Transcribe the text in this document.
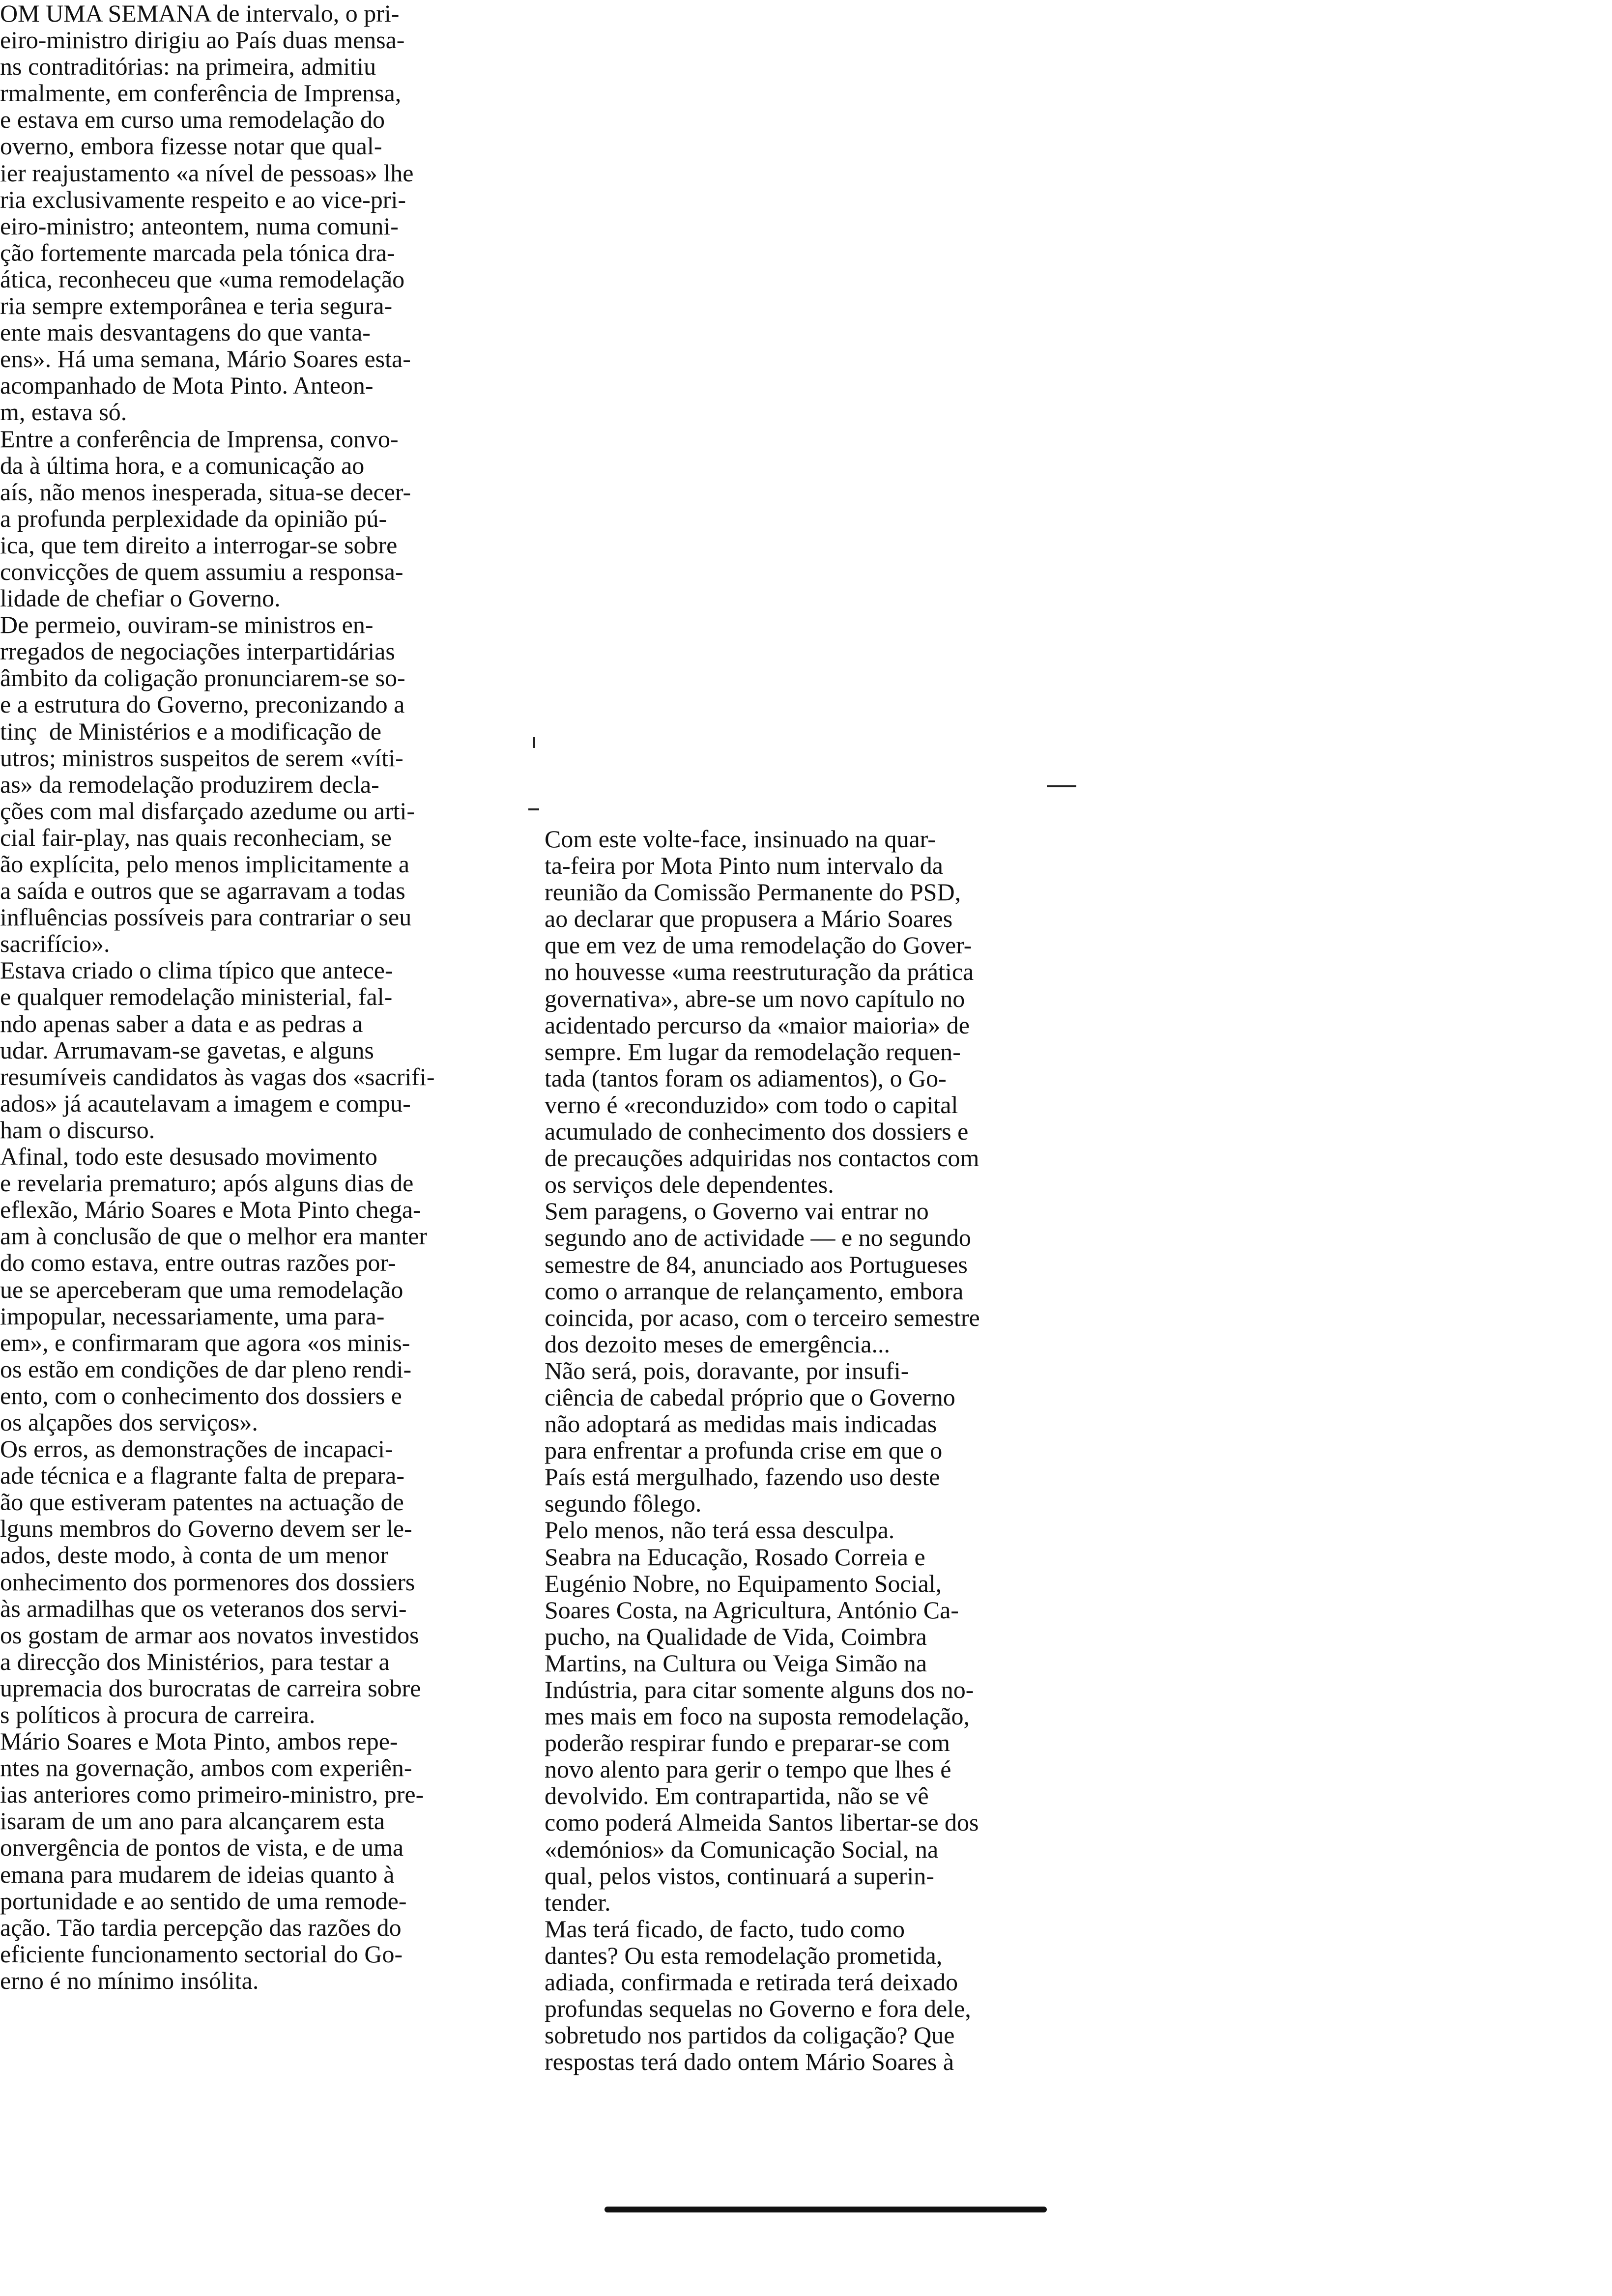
OM UMA SEMANA de intervalo, o pri-
eiro-ministro dirigiu ao País duas mensa-
ns contraditórias: na primeira, admitiu
rmalmente, em conferência de Imprensa,
e estava em curso uma remodelação do
overno, embora fizesse notar que qual-
ier reajustamento «a nível de pessoas» lhe
ria exclusivamente respeito e ao vice-pri-
eiro-ministro; anteontem, numa comuni-
ção fortemente marcada pela tónica dra-
ática, reconheceu que «uma remodelação
ria sempre extemporânea e teria segura-
ente mais desvantagens do que vanta-
ens». Há uma semana, Mário Soares esta-
acompanhado de Mota Pinto. Anteon-
m, estava só.
Entre a conferência de Imprensa, convo-
da à última hora, e a comunicação ao
aís, não menos inesperada, situa-se decer-
a profunda perplexidade da opinião pú-
ica, que tem direito a interrogar-se sobre
convicções de quem assumiu a responsa-
lidade de chefiar o Governo.
De permeio, ouviram-se ministros en-
rregados de negociações interpartidárias
âmbito da coligação pronunciarem-se so-
e a estrutura do Governo, preconizando a
tinç  de Ministérios e a modificação de
utros; ministros suspeitos de serem «víti-
as» da remodelação produzirem decla-
ções com mal disfarçado azedume ou arti-
cial fair-play, nas quais reconheciam, se
ão explícita, pelo menos implicitamente a
a saída e outros que se agarravam a todas
influências possíveis para contrariar o seu
sacrifício».
Estava criado o clima típico que antece-
e qualquer remodelação ministerial, fal-
ndo apenas saber a data e as pedras a
udar. Arrumavam-se gavetas, e alguns
resumíveis candidatos às vagas dos «sacrifi-
ados» já acautelavam a imagem e compu-
ham o discurso.
Afinal, todo este desusado movimento
e revelaria prematuro; após alguns dias de
eflexão, Mário Soares e Mota Pinto chega-
am à conclusão de que o melhor era manter
do como estava, entre outras razões por-
ue se aperceberam que uma remodelação
impopular, necessariamente, uma para-
em», e confirmaram que agora «os minis-
os estão em condições de dar pleno rendi-
ento, com o conhecimento dos dossiers e
os alçapões dos serviços».
Os erros, as demonstrações de incapaci-
ade técnica e a flagrante falta de prepara-
ão que estiveram patentes na actuação de
lguns membros do Governo devem ser le-
ados, deste modo, à conta de um menor
onhecimento dos pormenores dos dossiers
às armadilhas que os veteranos dos servi-
os gostam de armar aos novatos investidos
a direcção dos Ministérios, para testar a
upremacia dos burocratas de carreira sobre
s políticos à procura de carreira.
Mário Soares e Mota Pinto, ambos repe-
ntes na governação, ambos com experiên-
ias anteriores como primeiro-ministro, pre-
isaram de um ano para alcançarem esta
onvergência de pontos de vista, e de uma
emana para mudarem de ideias quanto à
portunidade e ao sentido de uma remode-
ação. Tão tardia percepção das razões do
eficiente funcionamento sectorial do Go-
erno é no mínimo insólita.
Com este volte-face, insinuado na quar-
ta-feira por Mota Pinto num intervalo da
reunião da Comissão Permanente do PSD,
ao declarar que propusera a Mário Soares
que em vez de uma remodelação do Gover-
no houvesse «uma reestruturação da prática
governativa», abre-se um novo capítulo no
acidentado percurso da «maior maioria» de
sempre. Em lugar da remodelação requen-
tada (tantos foram os adiamentos), o Go-
verno é «reconduzido» com todo o capital
acumulado de conhecimento dos dossiers e
de precauções adquiridas nos contactos com
os serviços dele dependentes.
Sem paragens, o Governo vai entrar no
segundo ano de actividade — e no segundo
semestre de 84, anunciado aos Portugueses
como o arranque de relançamento, embora
coincida, por acaso, com o terceiro semestre
dos dezoito meses de emergência...
Não será, pois, doravante, por insufi-
ciência de cabedal próprio que o Governo
não adoptará as medidas mais indicadas
para enfrentar a profunda crise em que o
País está mergulhado, fazendo uso deste
segundo fôlego.
Pelo menos, não terá essa desculpa.
Seabra na Educação, Rosado Correia e
Eugénio Nobre, no Equipamento Social,
Soares Costa, na Agricultura, António Ca-
pucho, na Qualidade de Vida, Coimbra
Martins, na Cultura ou Veiga Simão na
Indústria, para citar somente alguns dos no-
mes mais em foco na suposta remodelação,
poderão respirar fundo e preparar-se com
novo alento para gerir o tempo que lhes é
devolvido. Em contrapartida, não se vê
como poderá Almeida Santos libertar-se dos
«demónios» da Comunicação Social, na
qual, pelos vistos, continuará a superin-
tender.
Mas terá ficado, de facto, tudo como
dantes? Ou esta remodelação prometida,
adiada, confirmada e retirada terá deixado
profundas sequelas no Governo e fora dele,
sobretudo nos partidos da coligação? Que
respostas terá dado ontem Mário Soares à
